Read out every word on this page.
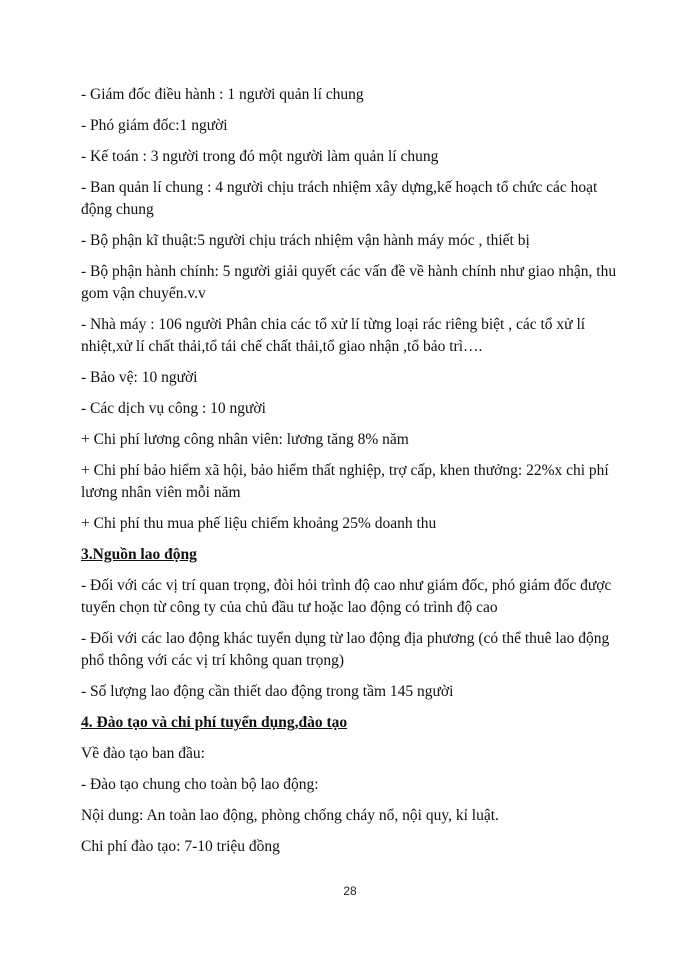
- Giám đốc điều hành : 1 người quản lí chung

- Phó giám đốc:1 người

- Kế toán : 3 người trong đó một người làm quản lí chung

- Ban quản lí chung : 4 người chịu trách nhiệm xây dựng,kế hoạch tổ chức các hoạt động chung

- Bộ phận kĩ thuật:5 người chịu trách nhiệm vận hành máy móc , thiết bị

- Bộ phận hành chính: 5 người giải quyết các vấn đề về hành chính như giao nhận, thu gom vận chuyển.v.v

- Nhà máy : 106 người Phân chia các tổ xử lí từng loại rác riêng biệt , các tổ xử lí nhiệt,xử lí chất thải,tổ tái chế chất thải,tổ giao nhận ,tổ bảo trì….

- Bảo vệ: 10 người

- Các dịch vụ công : 10 người

+ Chi phí lương công nhân viên: lương tăng 8% năm

+ Chi phí bảo hiểm xã hội, bảo hiểm thất nghiệp, trợ cấp, khen thưởng: 22%x chi phí lương nhân viên mỗi năm

+ Chi phí thu mua phế liệu chiếm khoảng 25% doanh thu

3.Nguồn lao động

- Đối với các vị trí quan trọng, đòi hỏi trình độ cao như giám đốc, phó giám đốc được tuyển chọn từ công ty của chủ đầu tư hoặc lao động có trình độ cao

- Đối với các lao động khác tuyển dụng từ lao động địa phương (có thể thuê lao động phổ thông với các vị trí không quan trọng)

- Số lượng lao động cần thiết dao động trong tầm 145 người

4. Đào tạo và chi phí tuyển dụng,đào tạo

Về đào tạo ban đầu:

- Đào tạo chung cho toàn bộ lao động:

Nội dung: An toàn lao động, phòng chống cháy nổ, nội quy, kỉ luật.

Chi phí đào tạo: 7-10 triệu đồng

28
